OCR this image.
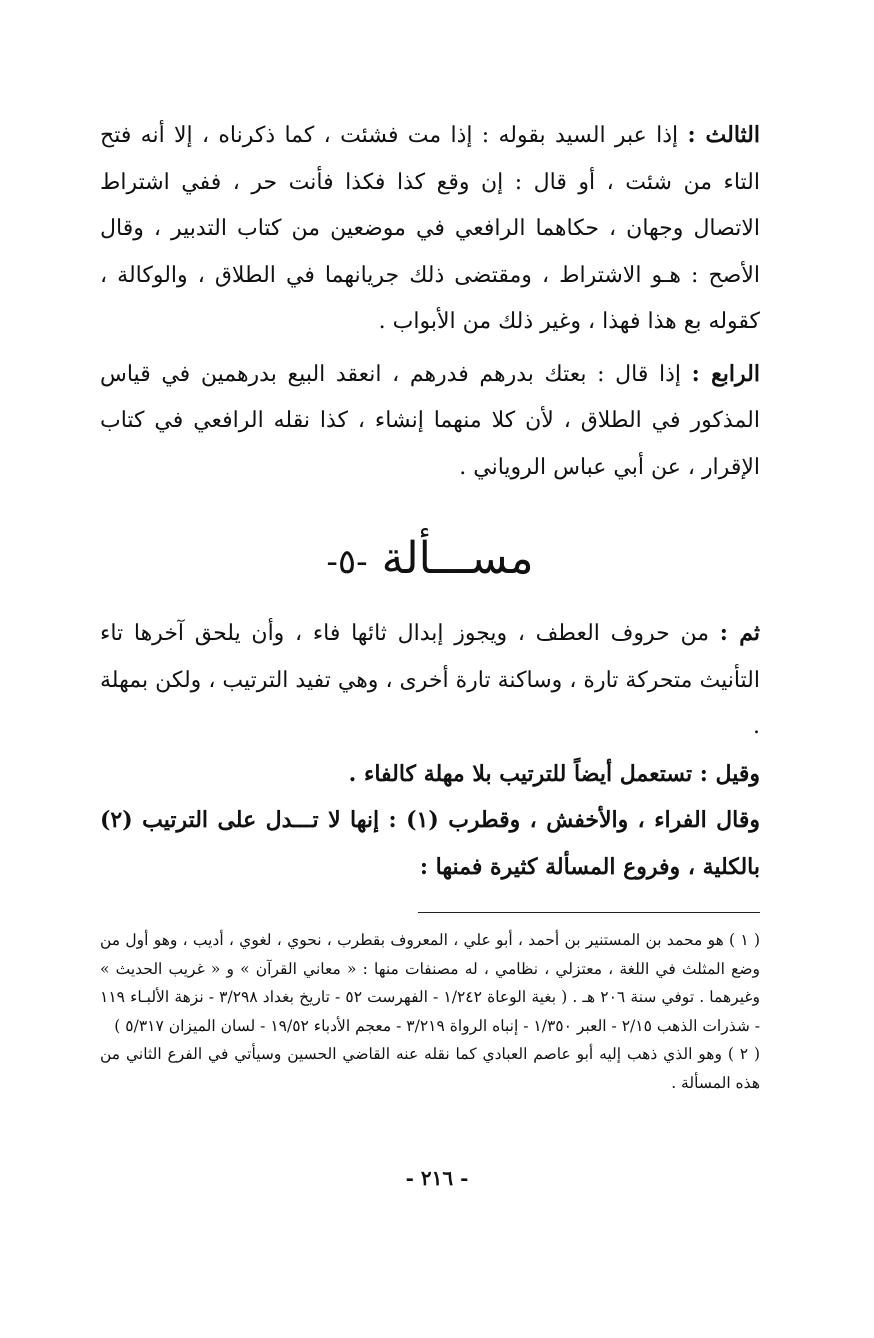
الثالث : إذا عبر السيد بقوله : إذا مت فشئت ، كما ذكرناه ، إلا أنه فتح التاء من شئت ، أو قال : إن وقع كذا فكذا فأنت حر ، ففي اشتراط الاتصال وجهان ، حكاهما الرافعي في موضعين من كتاب التدبير ، وقال الأصح : هـو الاشتراط ، ومقتضى ذلك جريانهما في الطلاق ، والوكالة ، كقوله بع هذا فهذا ، وغير ذلك من الأبواب .

الرابع : إذا قال : بعتك بدرهم فدرهم ، انعقد البيع بدرهمين في قياس المذكور في الطلاق ، لأن كلا منهما إنشاء ، كذا نقله الرافعي في كتاب الإقرار ، عن أبي عباس الروياني .

مســـألة -٥-

ثم : من حروف العطف ، ويجوز إبدال ثائها فاء ، وأن يلحق آخرها تاء التأنيث متحركة تارة ، وساكنة تارة أخرى ، وهي تفيد الترتيب ، ولكن بمهلة .

وقيل : تستعمل أيضاً للترتيب بلا مهلة كالفاء .

وقال الفراء ، والأخفش ، وقطرب (١) : إنها لا تـــدل على الترتيب (٢) بالكلية ، وفروع المسألة كثيرة فمنها :

( ١ ) هو محمد بن المستنير بن أحمد ، أبو علي ، المعروف بقطرب ، نحوي ، لغوي ، أديب ، وهو أول من وضع المثلث في اللغة ، معتزلي ، نظامي ، له مصنفات منها : « معاني القرآن » و « غريب الحديث » وغيرهما . توفي سنة ٢٠٦ هـ . ( بغية الوعاة ١/٢٤٢ - الفهرست ٥٢ - تاريخ بغداد ٣/٢٩٨ - نزهة الألبـاء ١١٩ - شذرات الذهب ٢/١٥ - العبر ١/٣٥٠ - إنباه الرواة ٣/٢١٩ - معجم الأدباء ١٩/٥٢ - لسان الميزان ٥/٣١٧ )

( ٢ ) وهو الذي ذهب إليه أبو عاصم العبادي كما نقله عنه القاضي الحسين وسيأتي في الفرع الثاني من هذه المسألة .

- ٢١٦ -
